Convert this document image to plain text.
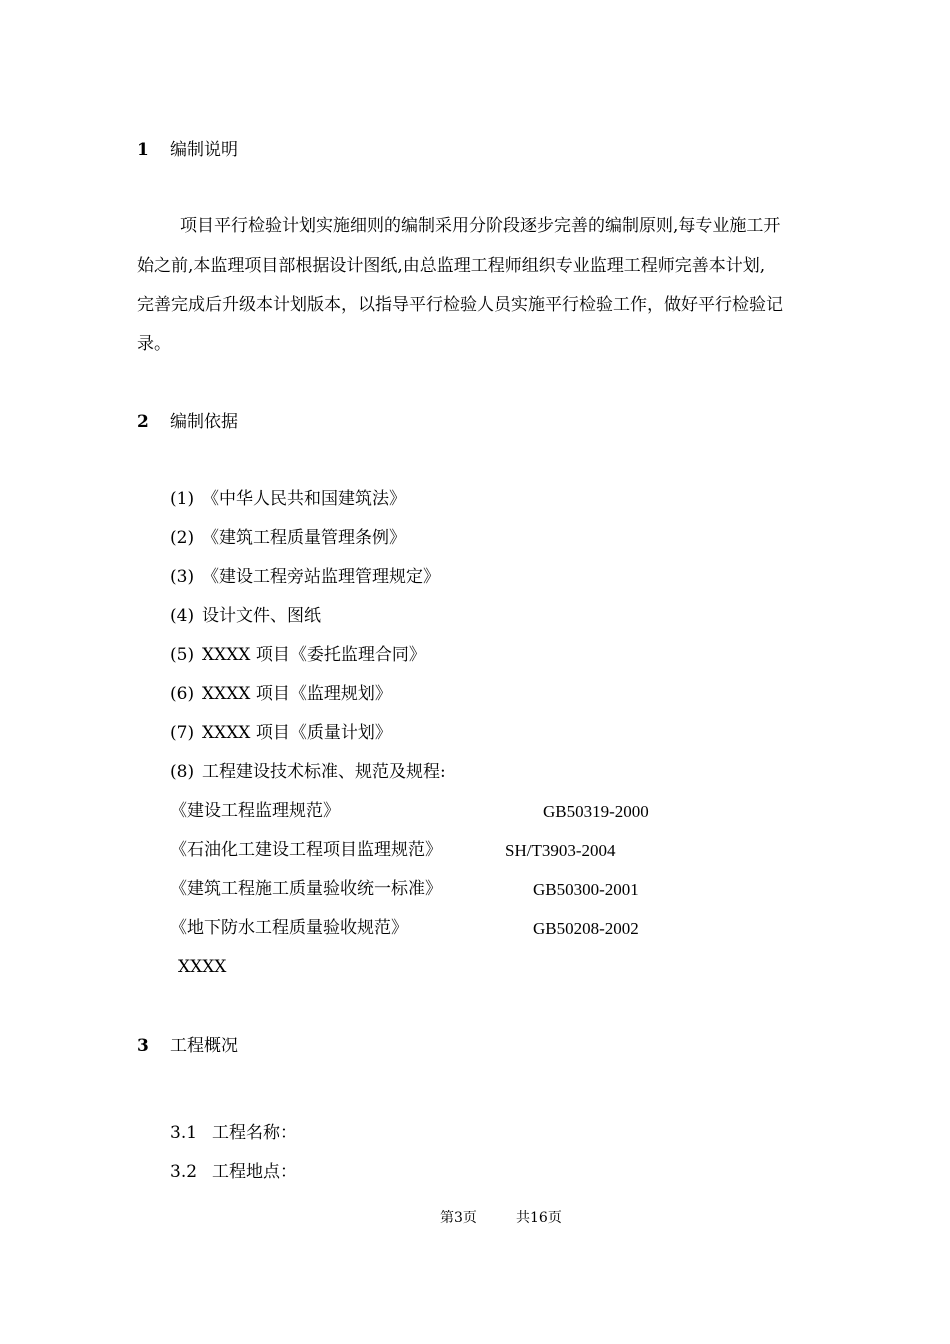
1 编制说明
项目平行检验计划实施细则的编制采用分阶段逐步完善的编制原则,每专业施工开
始之前,本监理项目部根据设计图纸,由总监理工程师组织专业监理工程师完善本计划,
完善完成后升级本计划版本，以指导平行检验人员实施平行检验工作，做好平行检验记
录。
2 编制依据
(1) 《中华人民共和国建筑法》
(2) 《建筑工程质量管理条例》
(3) 《建设工程旁站监理管理规定》
(4) 设计文件、图纸
(5) XXXX 项目《委托监理合同》
(6) XXXX 项目《监理规划》
(7) XXXX 项目《质量计划》
(8) 工程建设技术标准、规范及规程:
《建设工程监理规范》	GB50319-2000
《石油化工建设工程项目监理规范》	SH/T3903-2004
《建筑工程施工质量验收统一标准》	GB50300-2001
《地下防水工程质量验收规范》	GB50208-2002
XXXX
3 工程概况
3.1 工程名称：
3.2 工程地点：
第3页	共16页
